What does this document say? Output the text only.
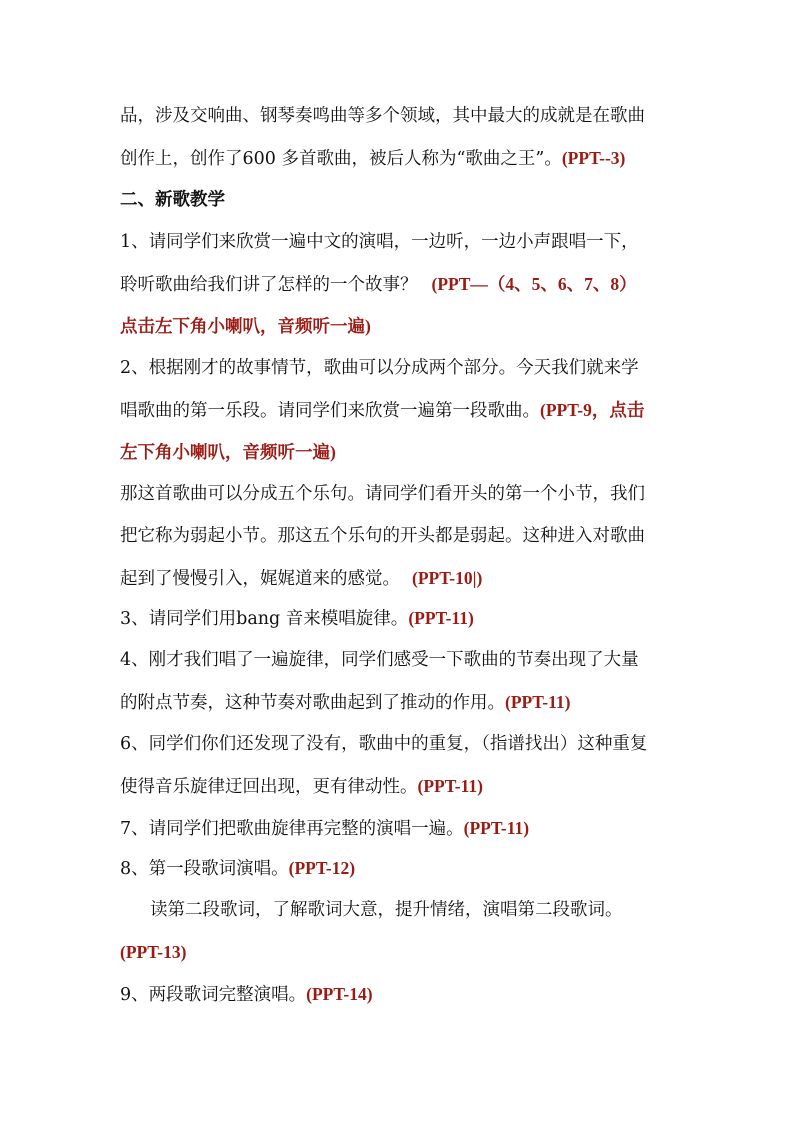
品，涉及交响曲、钢琴奏鸣曲等多个领域，其中最大的成就是在歌曲
创作上，创作了600 多首歌曲，被后人称为“歌曲之王”。(PPT--3)
二、新歌教学
1、请同学们来欣赏一遍中文的演唱，一边听，一边小声跟唱一下，
聆听歌曲给我们讲了怎样的一个故事？ (PPT—（4、5、6、7、8）
点击左下角小喇叭，音频听一遍)
2、根据刚才的故事情节，歌曲可以分成两个部分。今天我们就来学
唱歌曲的第一乐段。请同学们来欣赏一遍第一段歌曲。(PPT-9，点击
左下角小喇叭，音频听一遍)
那这首歌曲可以分成五个乐句。请同学们看开头的第一个小节，我们
把它称为弱起小节。那这五个乐句的开头都是弱起。这种进入对歌曲
起到了慢慢引入，娓娓道来的感觉。 (PPT-10|)
3、请同学们用bang 音来模唱旋律。(PPT-11)
4、刚才我们唱了一遍旋律，同学们感受一下歌曲的节奏出现了大量
的附点节奏，这种节奏对歌曲起到了推动的作用。(PPT-11)
6、同学们你们还发现了没有，歌曲中的重复，（指谱找出）这种重复
使得音乐旋律迂回出现，更有律动性。(PPT-11)
7、请同学们把歌曲旋律再完整的演唱一遍。(PPT-11)
8、第一段歌词演唱。(PPT-12)
读第二段歌词，了解歌词大意，提升情绪，演唱第二段歌词。
(PPT-13)
9、两段歌词完整演唱。(PPT-14)
